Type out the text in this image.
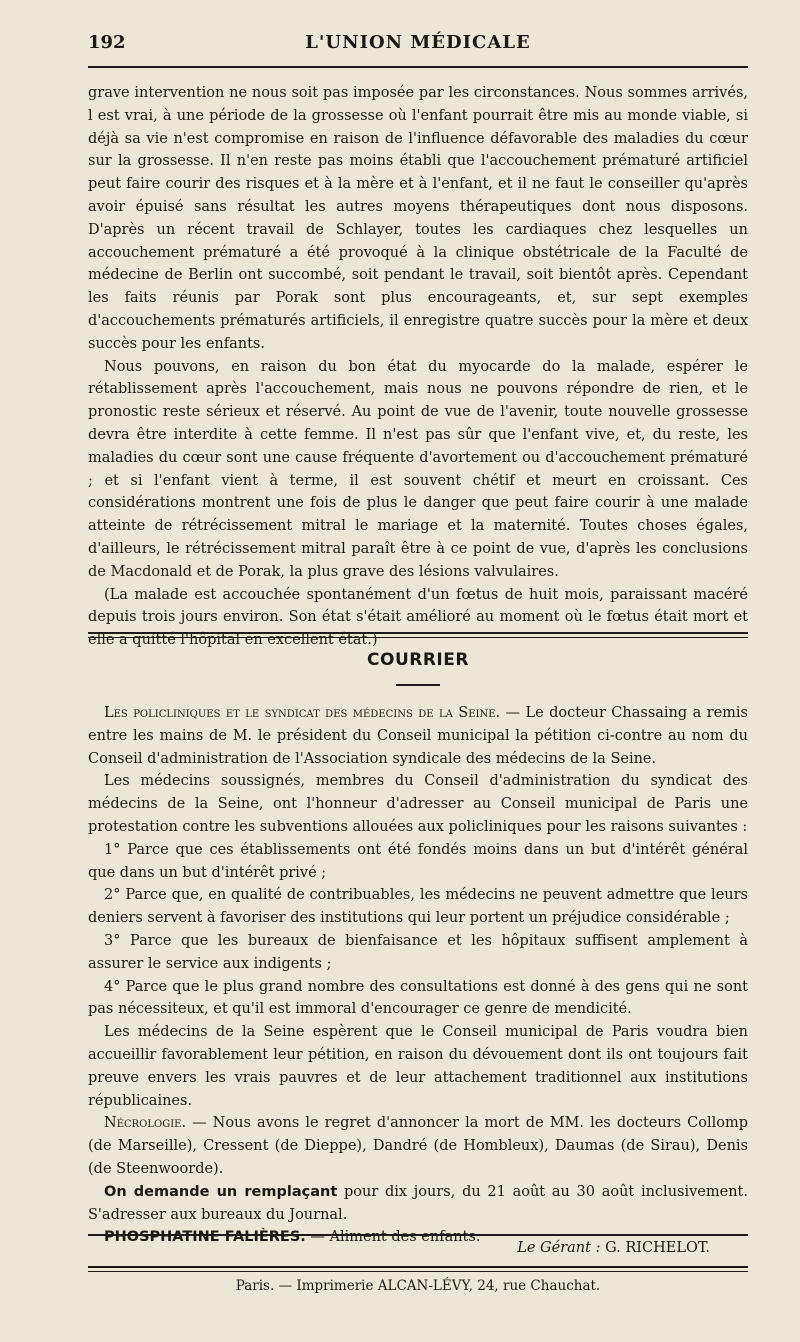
192	L'UNION MÉDICALE

grave intervention ne nous soit pas imposée par les circonstances. Nous sommes arrivés, l est vrai, à une période de la grossesse où l'enfant pourrait être mis au monde viable, si déjà sa vie n'est compromise en raison de l'influence défavorable des maladies du cœur sur la grossesse. Il n'en reste pas moins établi que l'accouchement prématuré artificiel peut faire courir des risques et à la mère et à l'enfant, et il ne faut le conseiller qu'après avoir épuisé sans résultat les autres moyens thérapeutiques dont nous disposons. D'après un récent travail de Schlayer, toutes les cardiaques chez lesquelles un accouchement prématuré a été provoqué à la clinique obstétricale de la Faculté de médecine de Berlin ont succombé, soit pendant le travail, soit bientôt après. Cependant les faits réunis par Porak sont plus encourageants, et, sur sept exemples d'accouchements prématurés artificiels, il enregistre quatre succès pour la mère et deux succès pour les enfants.

Nous pouvons, en raison du bon état du myocarde do la malade, espérer le rétablissement après l'accouchement, mais nous ne pouvons répondre de rien, et le pronostic reste sérieux et réservé. Au point de vue de l'avenir, toute nouvelle grossesse devra être interdite à cette femme. Il n'est pas sûr que l'enfant vive, et, du reste, les maladies du cœur sont une cause fréquente d'avortement ou d'accouchement prématuré ; et si l'enfant vient à terme, il est souvent chétif et meurt en croissant. Ces considérations montrent une fois de plus le danger que peut faire courir à une malade atteinte de rétrécissement mitral le mariage et la maternité. Toutes choses égales, d'ailleurs, le rétrécissement mitral paraît être à ce point de vue, d'après les conclusions de Macdonald et de Porak, la plus grave des lésions valvulaires.

(La malade est accouchée spontanément d'un fœtus de huit mois, paraissant macéré depuis trois jours environ. Son état s'était amélioré au moment où le fœtus était mort et elle a quitté l'hôpital en excellent état.)

COURRIER

Les policliniques et le syndicat des médecins de la Seine. — Le docteur Chassaing a remis entre les mains de M. le président du Conseil municipal la pétition ci-contre au nom du Conseil d'administration de l'Association syndicale des médecins de la Seine.

Les médecins soussignés, membres du Conseil d'administration du syndicat des médecins de la Seine, ont l'honneur d'adresser au Conseil municipal de Paris une protestation contre les subventions allouées aux policliniques pour les raisons suivantes :

1° Parce que ces établissements ont été fondés moins dans un but d'intérêt général que dans un but d'intérêt privé ;

2° Parce que, en qualité de contribuables, les médecins ne peuvent admettre que leurs deniers servent à favoriser des institutions qui leur portent un préjudice considérable ;

3° Parce que les bureaux de bienfaisance et les hôpitaux suffisent amplement à assurer le service aux indigents ;

4° Parce que le plus grand nombre des consultations est donné à des gens qui ne sont pas nécessiteux, et qu'il est immoral d'encourager ce genre de mendicité.

Les médecins de la Seine espèrent que le Conseil municipal de Paris voudra bien accueillir favorablement leur pétition, en raison du dévouement dont ils ont toujours fait preuve envers les vrais pauvres et de leur attachement traditionnel aux institutions républicaines.

Nécrologie. — Nous avons le regret d'annoncer la mort de MM. les docteurs Collomp (de Marseille), Cressent (de Dieppe), Dandré (de Hombleux), Daumas (de Sirau), Denis (de Steenwoorde).

On demande un remplaçant pour dix jours, du 21 août au 30 août inclusivement. S'adresser aux bureaux du Journal.

PHOSPHATINE FALIÈRES. — Aliment des enfants.

Le Gérant : G. RICHELOT.
Paris. — Imprimerie ALCAN-LÉVY, 24, rue Chauchat.
